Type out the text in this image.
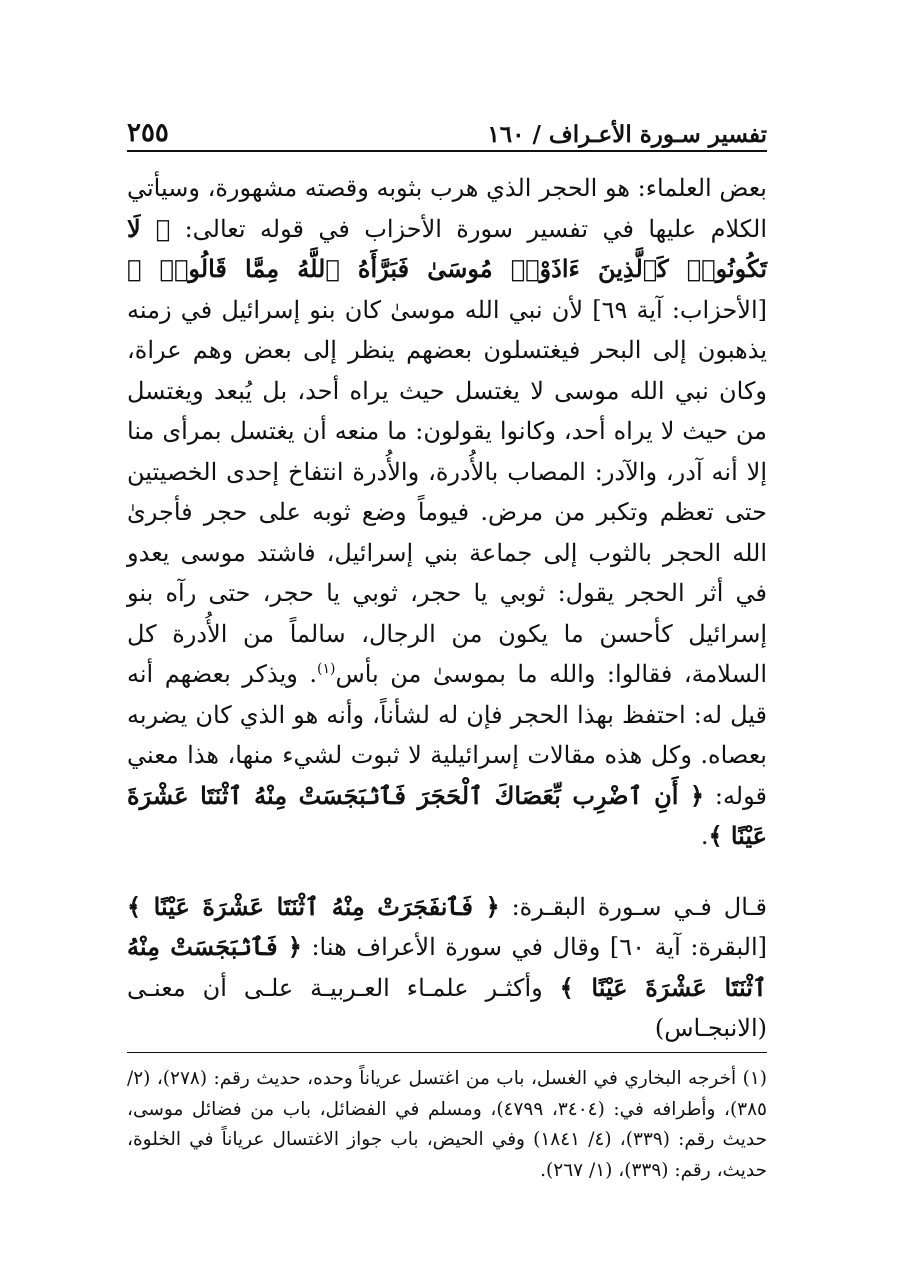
٢٥٥	تفسير سـورة الأعـراف / ١٦٠

بعض العلماء: هو الحجر الذي هرب بثوبه وقصته مشهورة، وسيأتي الكلام عليها في تفسير سورة الأحزاب في قوله تعالى: ﴿ لَا تَكُونُوا۟ كَٱلَّذِينَ ءَاذَوْا۟ مُوسَىٰ فَبَرَّأَهُ ٱللَّهُ مِمَّا قَالُوا۟ ﴾ [الأحزاب: آية ٦٩] لأن نبي الله موسىٰ كان بنو إسرائيل في زمنه يذهبون إلى البحر فيغتسلون بعضهم ينظر إلى بعض وهم عراة، وكان نبي الله موسى لا يغتسل حيث يراه أحد، بل يُبعد ويغتسل من حيث لا يراه أحد، وكانوا يقولون: ما منعه أن يغتسل بمرأى منا إلا أنه آدر، والآدر: المصاب بالأُدرة، والأُدرة انتفاخ إحدى الخصيتين حتى تعظم وتكبر من مرض. فيوماً وضع ثوبه على حجر فأجرىٰ الله الحجر بالثوب إلى جماعة بني إسرائيل، فاشتد موسى يعدو في أثر الحجر يقول: ثوبي يا حجر، ثوبي يا حجر، حتى رآه بنو إسرائيل كأحسن ما يكون من الرجال، سالماً من الأُدرة كل السلامة، فقالوا: والله ما بموسىٰ من بأس$^{(١)}$. ويذكر بعضهم أنه قيل له: احتفظ بهذا الحجر فإن له لشأناً، وأنه هو الذي كان يضربه بعصاه. وكل هذه مقالات إسرائيلية لا ثبوت لشيء منها، هذا معني قوله: ﴿ أَنِ ٱضْرِب بِّعَصَاكَ ٱلْحَجَرَ فَٱنۢبَجَسَتْ مِنْهُ ٱثْنَتَا عَشْرَةَ عَيْنًا ﴾.

قـال فـي سـورة البقـرة: ﴿ فَٱنفَجَرَتْ مِنْهُ ٱثْنَتَا عَشْرَةَ عَيْنًا ﴾ [البقرة: آية ٦٠] وقال في سورة الأعراف هنا: ﴿ فَٱنۢبَجَسَتْ مِنْهُ ٱثْنَتَا عَشْرَةَ عَيْنًا ﴾ وأكثـر علمـاء العـربيـة علـى أن معنـى (الانبجـاس)

(١) أخرجه البخاري في الغسل، باب من اغتسل عرياناً وحده، حديث رقم: (٢٧٨)، (٢/ ٣٨٥)، وأطرافه في: (٣٤٠٤، ٤٧٩٩)، ومسلم في الفضائل، باب من فضائل موسى، حديث رقم: (٣٣٩)، (٤/ ١٨٤١) وفي الحيض، باب جواز الاغتسال عرياناً في الخلوة، حديث، رقم: (٣٣٩)، (١/ ٢٦٧).
